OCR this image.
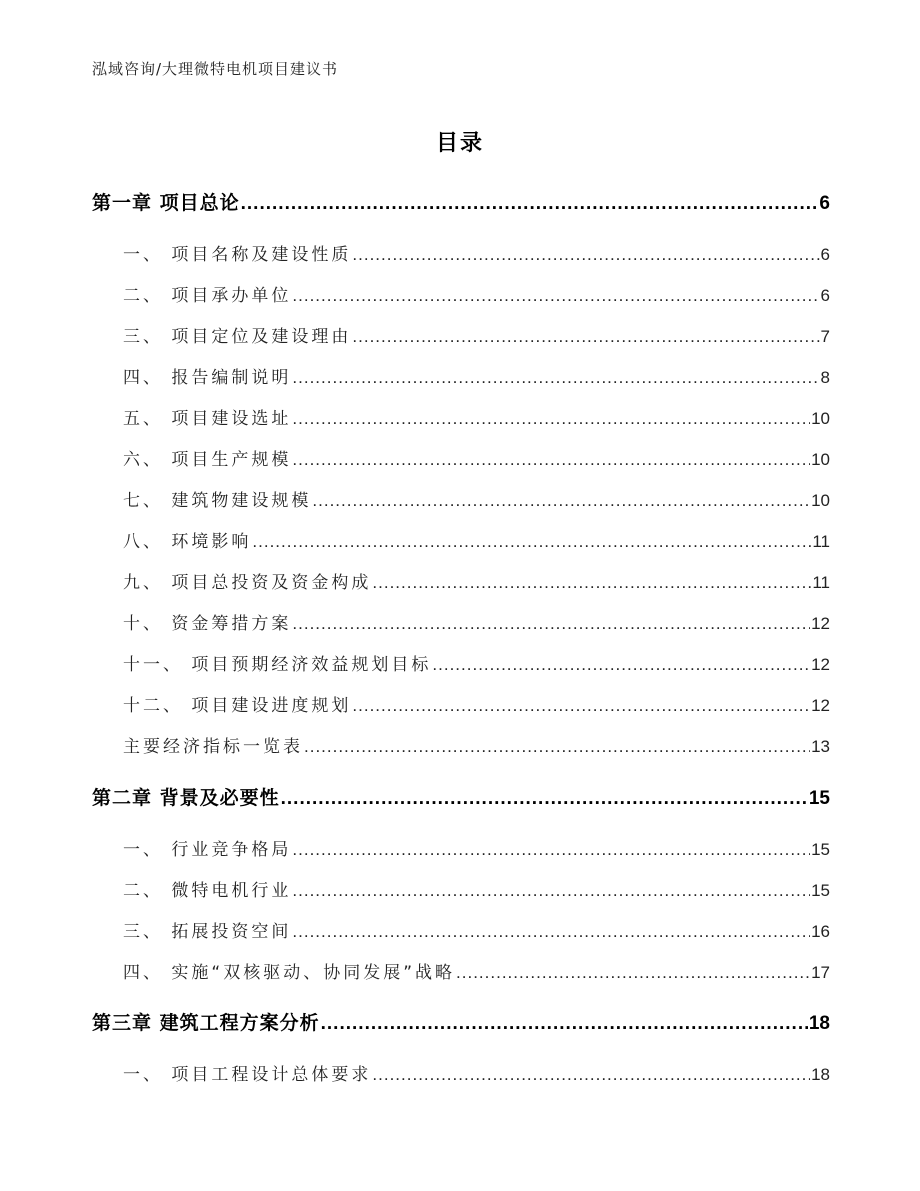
泓域咨询/大理微特电机项目建议书
目录
第一章 项目总论 .....	6
一、 项目名称及建设性质 .....	6
二、 项目承办单位 .....	6
三、 项目定位及建设理由 .....	7
四、 报告编制说明 .....	8
五、 项目建设选址 .....	10
六、 项目生产规模 .....	10
七、 建筑物建设规模 .....	10
八、 环境影响 .....	11
九、 项目总投资及资金构成 .....	11
十、 资金筹措方案 .....	12
十一、 项目预期经济效益规划目标 .....	12
十二、 项目建设进度规划 .....	12
主要经济指标一览表 .....	13
第二章 背景及必要性 .....	15
一、 行业竞争格局 .....	15
二、 微特电机行业 .....	15
三、 拓展投资空间 .....	16
四、 实施“双核驱动、协同发展”战略 .....	17
第三章 建筑工程方案分析 .....	18
一、 项目工程设计总体要求 .....	18
